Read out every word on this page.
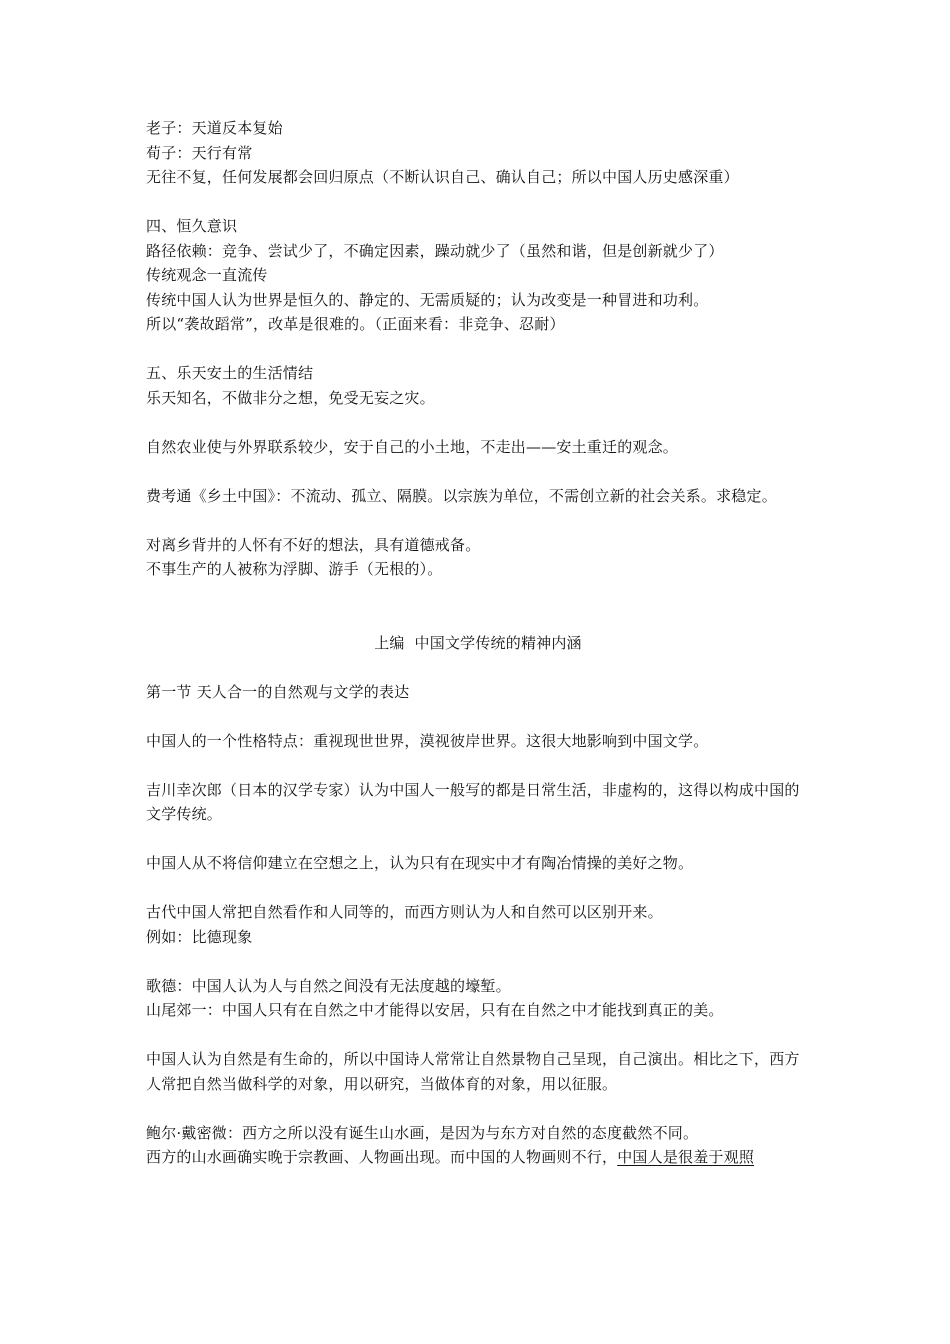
老子：天道反本复始
荀子：天行有常
无往不复，任何发展都会回归原点（不断认识自己、确认自己；所以中国人历史感深重）
四、恒久意识
路径依赖：竞争、尝试少了，不确定因素，躁动就少了（虽然和谐，但是创新就少了）
传统观念一直流传
传统中国人认为世界是恒久的、静定的、无需质疑的；认为改变是一种冒进和功利。
所以“袭故蹈常”，改革是很难的。（正面来看：非竞争、忍耐）
五、乐天安土的生活情结
乐天知名，不做非分之想，免受无妄之灾。
自然农业使与外界联系较少，安于自己的小土地，不走出——安土重迁的观念。
费考通《乡土中国》：不流动、孤立、隔膜。以宗族为单位，不需创立新的社会关系。求稳定。
对离乡背井的人怀有不好的想法，具有道德戒备。
不事生产的人被称为浮脚、游手（无根的）。
上编  中国文学传统的精神内涵
第一节 天人合一的自然观与文学的表达
中国人的一个性格特点：重视现世世界，漠视彼岸世界。这很大地影响到中国文学。
吉川幸次郎（日本的汉学专家）认为中国人一般写的都是日常生活，非虚构的，这得以构成中国的文学传统。
中国人从不将信仰建立在空想之上，认为只有在现实中才有陶冶情操的美好之物。
古代中国人常把自然看作和人同等的，而西方则认为人和自然可以区别开来。
例如：比德现象
歌德：中国人认为人与自然之间没有无法度越的壕堑。
山尾郊一：中国人只有在自然之中才能得以安居，只有在自然之中才能找到真正的美。
中国人认为自然是有生命的，所以中国诗人常常让自然景物自己呈现，自己演出。相比之下，西方人常把自然当做科学的对象，用以研究，当做体育的对象，用以征服。
鲍尔·戴密微：西方之所以没有诞生山水画，是因为与东方对自然的态度截然不同。
西方的山水画确实晚于宗教画、人物画出现。而中国的人物画则不行，中国人是很羞于观照
